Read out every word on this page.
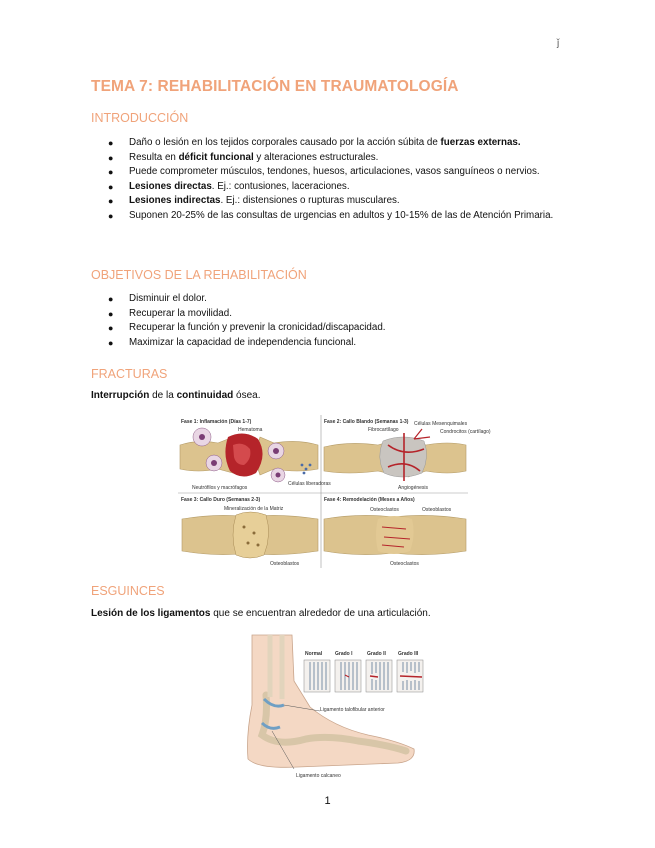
ǰ
TEMA 7: REHABILITACIÓN EN TRAUMATOLOGÍA
INTRODUCCIÓN
● Daño o lesión en los tejidos corporales causado por la acción súbita de fuerzas externas.
● Resulta en déficit funcional y alteraciones estructurales.
● Puede comprometer músculos, tendones, huesos, articulaciones, vasos sanguíneos o nervios.
● Lesiones directas. Ej.: contusiones, laceraciones.
● Lesiones indirectas. Ej.: distensiones o rupturas musculares.
● Suponen 20-25% de las consultas de urgencias en adultos y 10-15% de las de Atención Primaria.
OBJETIVOS DE LA REHABILITACIÓN
● Disminuir el dolor.
● Recuperar la movilidad.
● Recuperar la función y prevenir la cronicidad/discapacidad.
● Maximizar la capacidad de independencia funcional.
FRACTURAS

Interrupción de la continuidad ósea.

Fase 1: Inflamación (Días 1-7)
Hematoma
Neutrófilos y macrófagos
Células liberadoras
Fase 2: Callo Blando (Semanas 1-3)
Fibrocartílago
Células Mesenquimales
Condrocitos (cartílago)
Angiogénesis
Fase 3: Callo Duro (Semanas 2-3)
Mineralización de la Matriz
Osteoblastos
Fase 4: Remodelación (Meses a Años)
Osteoclastos	Osteoblastos
Osteoclastos
ESGUINCES

Lesión de los ligamentos que se encuentran alrededor de una articulación.

Normal	Grado I	Grado II Grado III
Ligamento talofibular anterior
Ligamento calcaneo
1
